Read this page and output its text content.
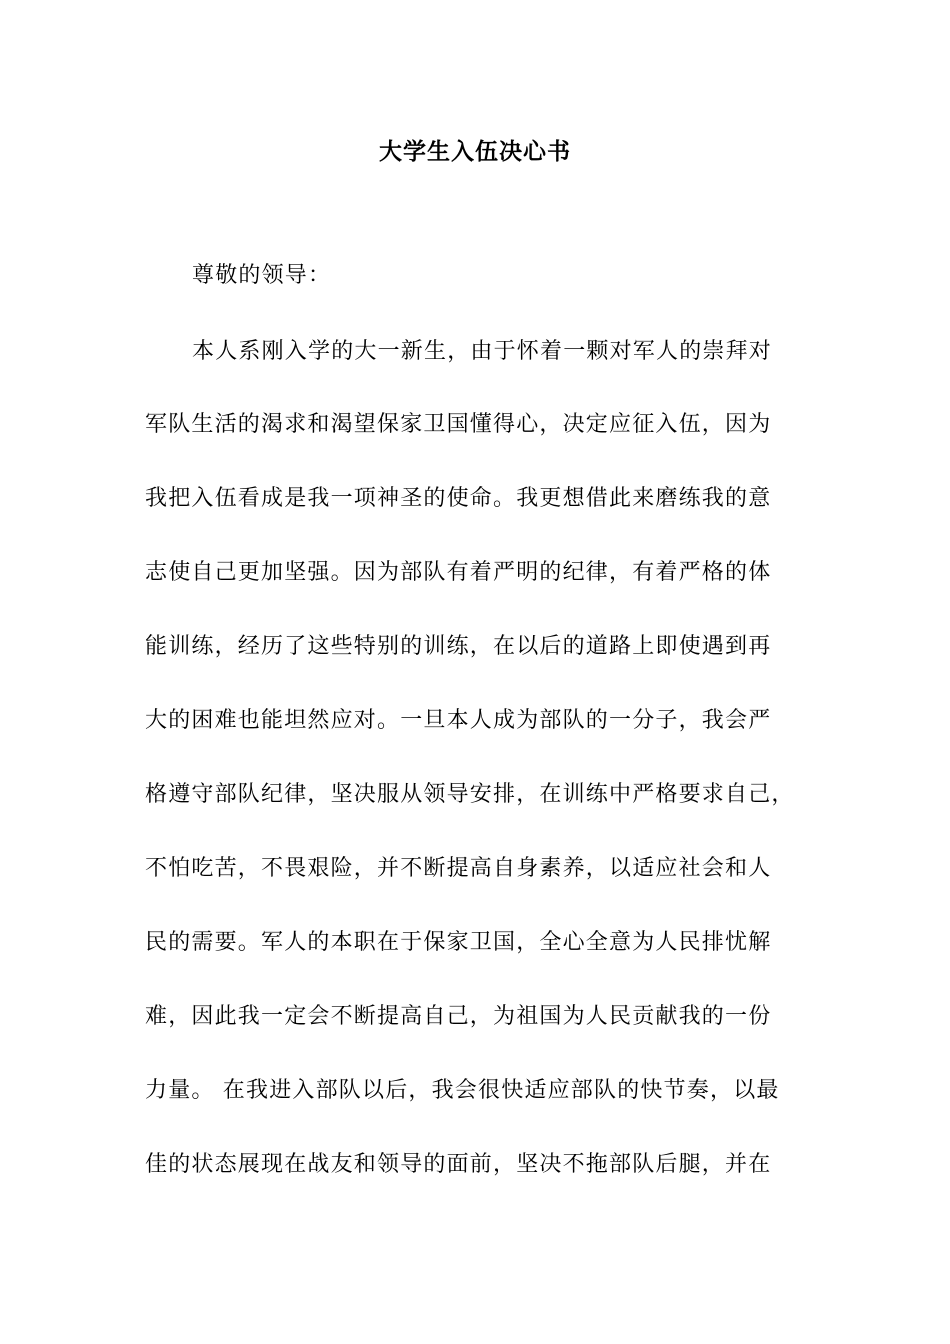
大学生入伍决心书
尊敬的领导：
本人系刚入学的大一新生，由于怀着一颗对军人的崇拜对
军队生活的渴求和渴望保家卫国懂得心，决定应征入伍，因为
我把入伍看成是我一项神圣的使命。我更想借此来磨练我的意
志使自己更加坚强。因为部队有着严明的纪律，有着严格的体
能训练，经历了这些特别的训练，在以后的道路上即使遇到再
大的困难也能坦然应对。一旦本人成为部队的一分子，我会严
格遵守部队纪律，坚决服从领导安排，在训练中严格要求自己，
不怕吃苦，不畏艰险，并不断提高自身素养，以适应社会和人
民的需要。军人的本职在于保家卫国，全心全意为人民排忧解
难，因此我一定会不断提高自己，为祖国为人民贡献我的一份
力量。 在我进入部队以后，我会很快适应部队的快节奏，以最
佳的状态展现在战友和领导的面前，坚决不拖部队后腿，并在
